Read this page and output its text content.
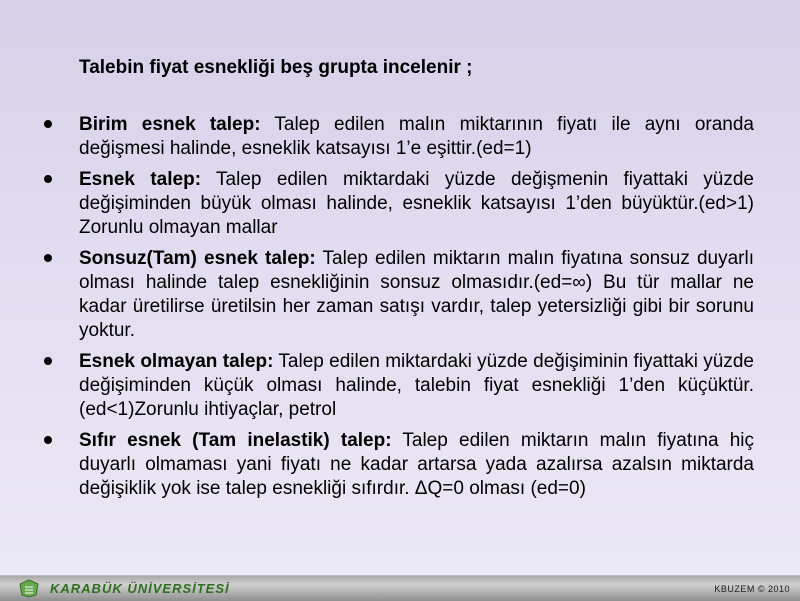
Talebin fiyat esnekliği beş grupta incelenir ;
Birim esnek talep: Talep edilen malın miktarının fiyatı ile aynı oranda değişmesi halinde, esneklik katsayısı 1’e eşittir.(ed=1)
Esnek talep: Talep edilen miktardaki yüzde değişmenin fiyattaki yüzde değişiminden büyük olması halinde, esneklik katsayısı 1’den büyüktür.(ed>1) Zorunlu olmayan mallar
Sonsuz(Tam) esnek talep: Talep edilen miktarın malın fiyatına sonsuz duyarlı olması halinde talep esnekliğinin sonsuz olmasıdır.(ed=∞) Bu tür mallar ne kadar üretilirse üretilsin her zaman satışı vardır, talep yetersizliği gibi bir sorunu yoktur.
Esnek olmayan talep: Talep edilen miktardaki yüzde değişiminin fiyattaki yüzde değişiminden küçük olması halinde, talebin fiyat esnekliği 1’den küçüktür.(ed<1)Zorunlu ihtiyaçlar, petrol
Sıfır esnek (Tam inelastik) talep: Talep edilen miktarın malın fiyatına hiç duyarlı olmaması yani fiyatı ne kadar artarsa yada azalırsa azalsın miktarda değişiklik yok ise talep esnekliği sıfırdır. ΔQ=0 olması (ed=0)
KARABÜK ÜNİVERSİTESİ	KBUZEM © 2010
